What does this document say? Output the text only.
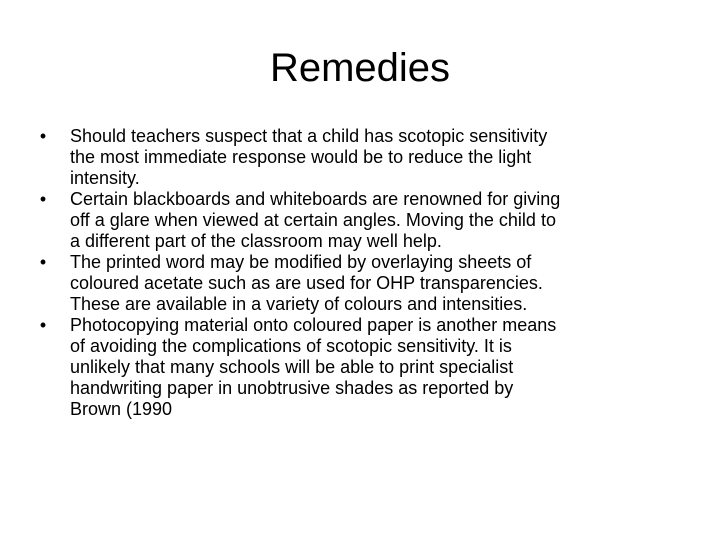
Remedies
• Should teachers suspect that a child has scotopic sensitivity
the most immediate response would be to reduce the light
intensity.
• Certain blackboards and whiteboards are renowned for giving
off a glare when viewed at certain angles. Moving the child to
a different part of the classroom may well help.
• The printed word may be modified by overlaying sheets of
coloured acetate such as are used for OHP transparencies.
These are available in a variety of colours and intensities.
• Photocopying material onto coloured paper is another means
of avoiding the complications of scotopic sensitivity. It is
unlikely that many schools will be able to print specialist
handwriting paper in unobtrusive shades as reported by
Brown (1990
